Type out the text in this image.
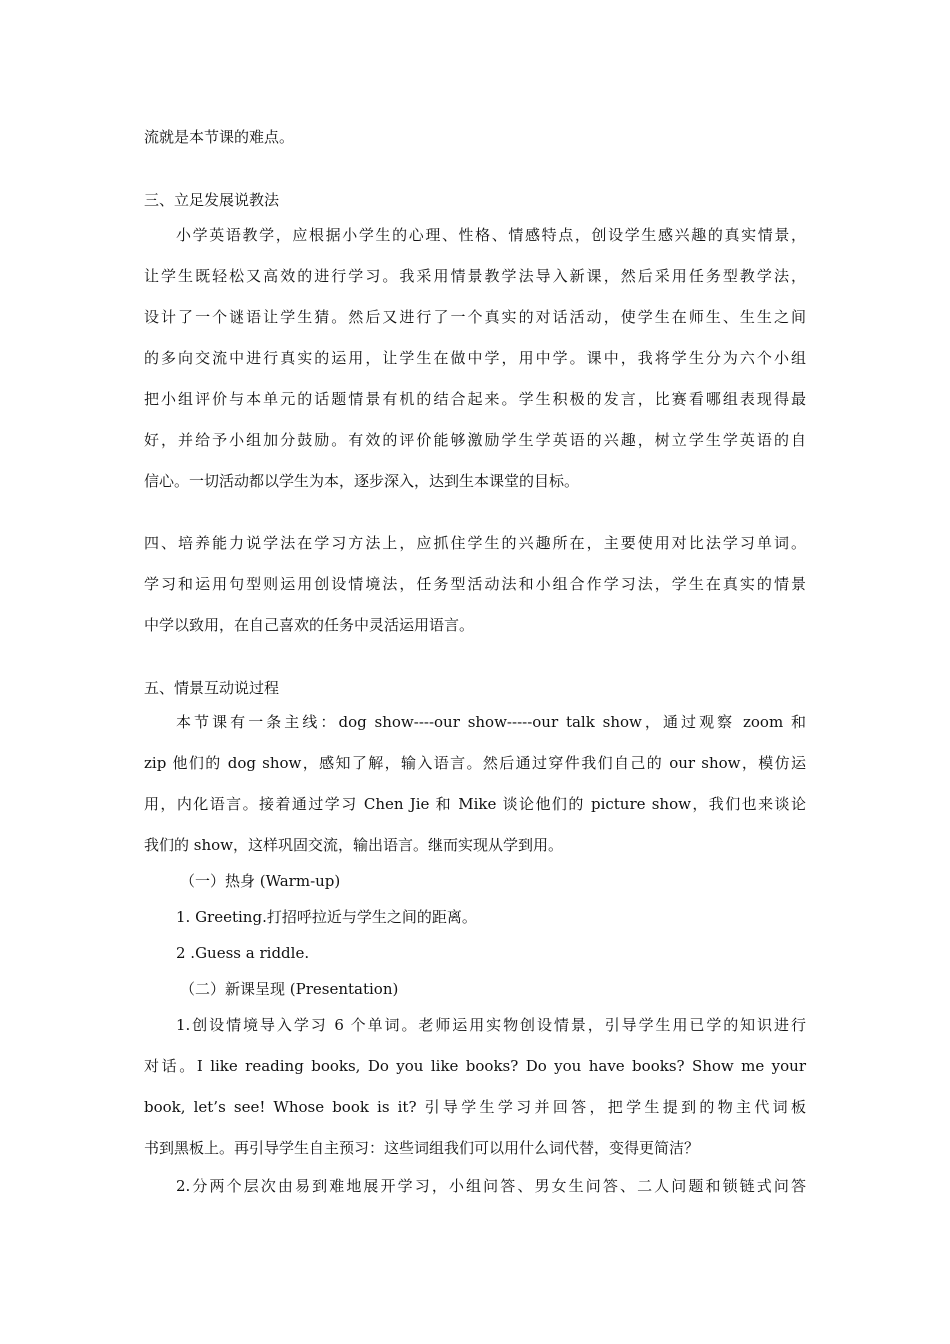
流就是本节课的难点。
三、立足发展说教法
小学英语教学，应根据小学生的心理、性格、情感特点，创设学生感兴趣的真实情景，
让学生既轻松又高效的进行学习。我采用情景教学法导入新课，然后采用任务型教学法，
设计了一个谜语让学生猜。然后又进行了一个真实的对话活动，使学生在师生、生生之间
的多向交流中进行真实的运用，让学生在做中学，用中学。课中，我将学生分为六个小组
把小组评价与本单元的话题情景有机的结合起来。学生积极的发言，比赛看哪组表现得最
好，并给予小组加分鼓励。有效的评价能够激励学生学英语的兴趣，树立学生学英语的自
信心。一切活动都以学生为本，逐步深入，达到生本课堂的目标。
四、培养能力说学法在学习方法上，应抓住学生的兴趣所在，主要使用对比法学习单词。
学习和运用句型则运用创设情境法，任务型活动法和小组合作学习法，学生在真实的情景
中学以致用，在自己喜欢的任务中灵活运用语言。
五、情景互动说过程
本节课有一条主线：dog show----our show-----our talk show，通过观察 zoom 和
zip 他们的 dog show，感知了解，输入语言。然后通过穿件我们自己的 our show，模仿运
用，内化语言。接着通过学习 Chen Jie 和 Mike 谈论他们的 picture show，我们也来谈论
我们的 show，这样巩固交流，输出语言。继而实现从学到用。
（一）热身 (Warm-up)
1. Greeting.打招呼拉近与学生之间的距离。
2 .Guess a riddle.
（二）新课呈现 (Presentation)
1.创设情境导入学习 6 个单词。老师运用实物创设情景，引导学生用已学的知识进行
对话。I like reading books, Do you like books? Do you have books? Show me your
book, let’s see! Whose book is it? 引导学生学习并回答，把学生提到的物主代词板
书到黑板上。再引导学生自主预习：这些词组我们可以用什么词代替，变得更简洁？
2.分两个层次由易到难地展开学习，小组问答、男女生问答、二人问题和锁链式问答
